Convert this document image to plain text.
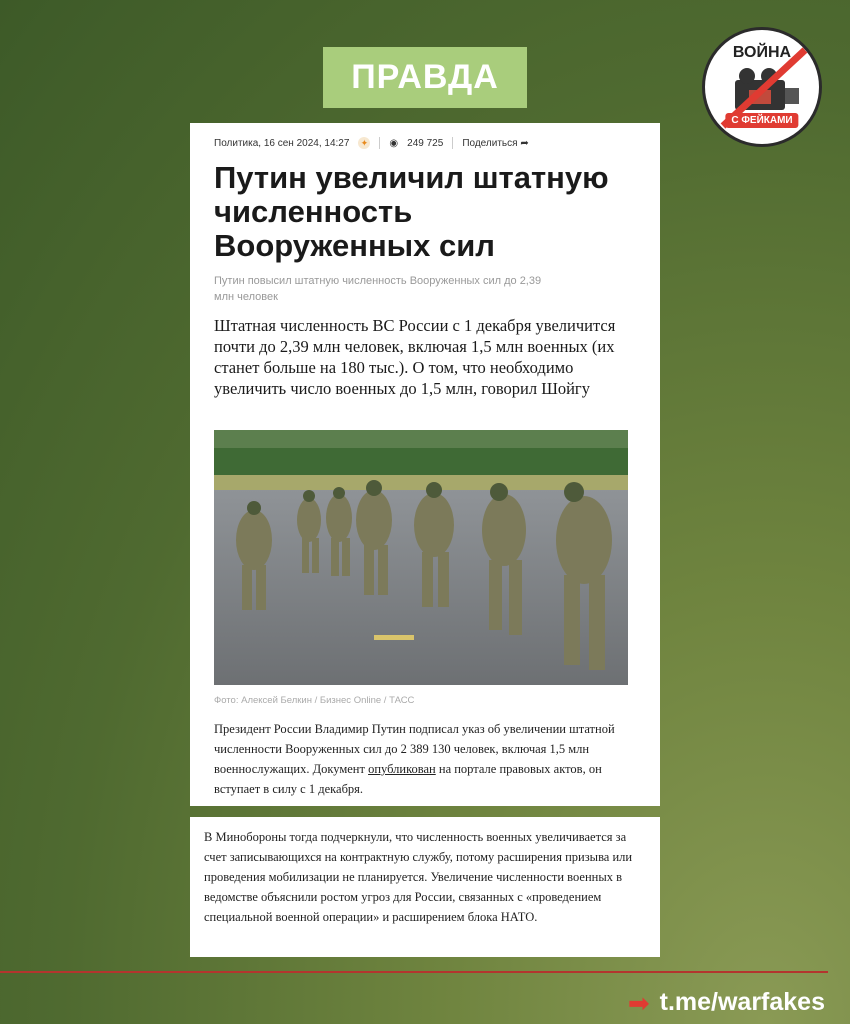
ПРАВДА
ВОЙНА
С ФЕЙКАМИ
Политика, 16 сен 2024, 14:27 ✦ ◉ 249 725 Поделиться ➦
Путин увеличил штатную численность Вооруженных сил
Путин повысил штатную численность Вооруженных сил до 2,39 млн человек
Штатная численность ВС России с 1 декабря увеличится почти до 2,39 млн человек, включая 1,5 млн военных (их станет больше на 180 тыс.). О том, что необходимо увеличить число военных до 1,5 млн, говорил Шойгу
Фото: Алексей Белкин / Бизнес Online / ТАСС
Президент России Владимир Путин подписал указ об увеличении штатной численности Вооруженных сил до 2 389 130 человек, включая 1,5 млн военнослужащих. Документ опубликован на портале правовых актов, он вступает в силу с 1 декабря.
В Минобороны тогда подчеркнули, что численность военных увеличивается за счет записывающихся на контрактную службу, потому расширения призыва или проведения мобилизации не планируется. Увеличение численности военных в ведомстве объяснили ростом угроз для России, связанных с «проведением специальной военной операции» и расширением блока НАТО.
➡ t.me/warfakes
